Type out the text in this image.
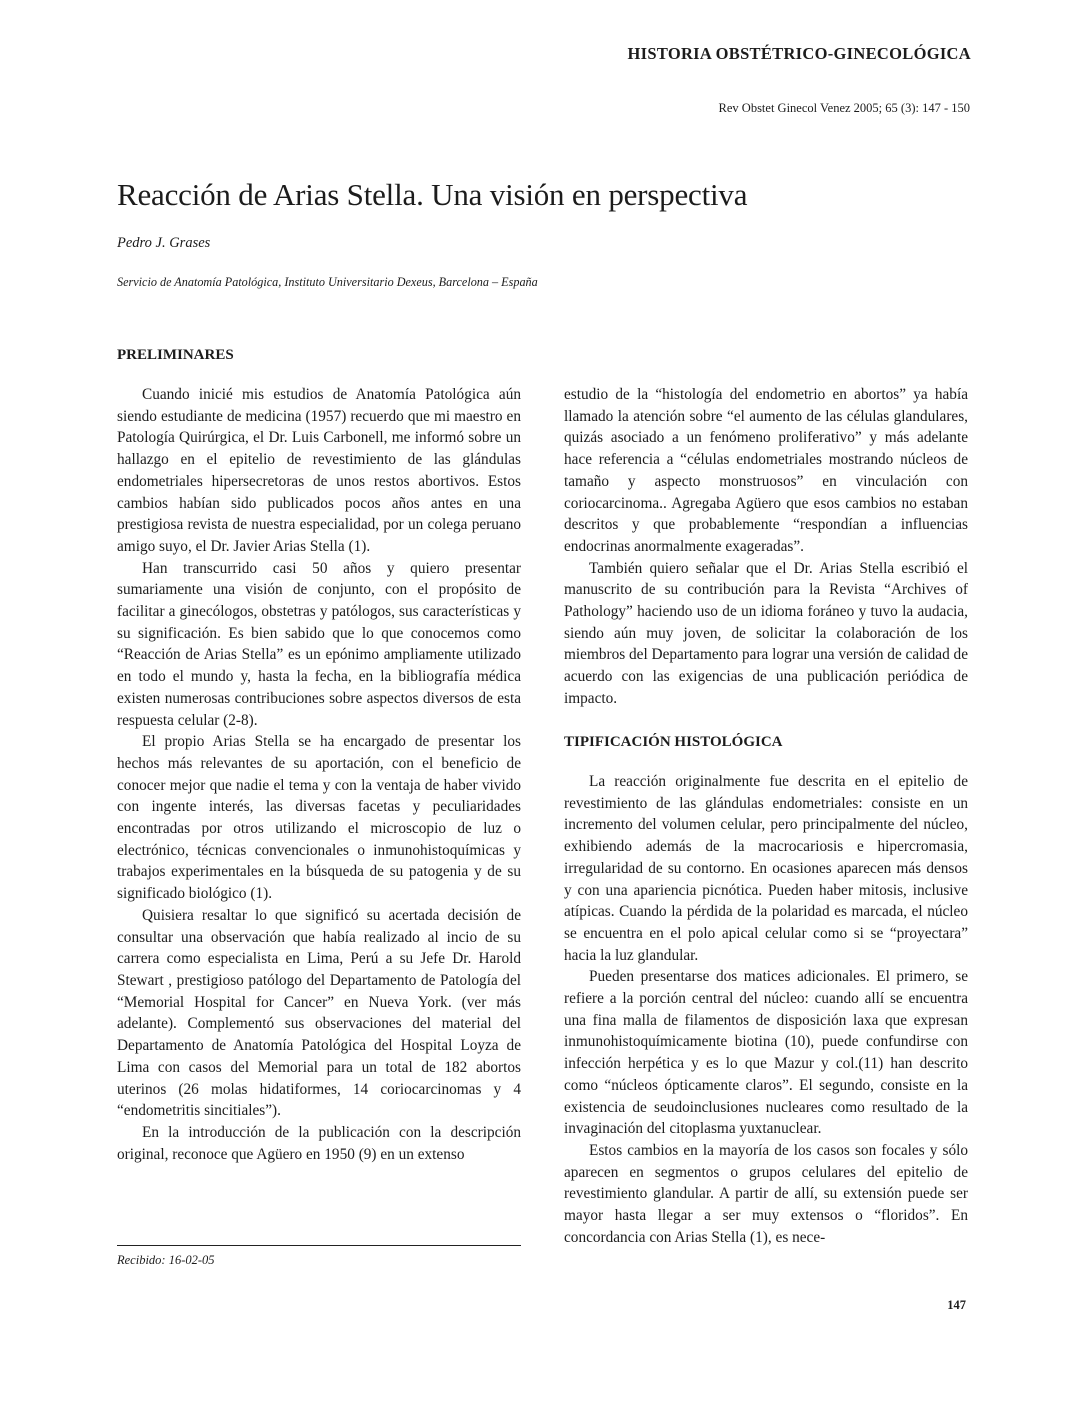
HISTORIA OBSTÉTRICO-GINECOLÓGICA
Rev Obstet Ginecol Venez 2005; 65 (3): 147 - 150
Reacción de Arias Stella. Una visión en perspectiva
Pedro J. Grases
Servicio de Anatomía Patológica, Instituto Universitario Dexeus, Barcelona – España
PRELIMINARES

Cuando inicié mis estudios de Anatomía Patológica aún siendo estudiante de medicina (1957) recuerdo que mi maestro en Patología Quirúrgica, el Dr. Luis Carbonell, me informó sobre un hallazgo en el epitelio de revestimiento de las glándulas endometriales hipersecretoras de unos restos abortivos. Estos cambios habían sido publicados pocos años antes en una prestigiosa revista de nuestra especialidad, por un colega peruano amigo suyo, el Dr. Javier Arias Stella (1).

Han transcurrido casi 50 años y quiero presentar sumariamente una visión de conjunto, con el propósito de facilitar a ginecólogos, obstetras y patólogos, sus características y su significación. Es bien sabido que lo que conocemos como “Reacción de Arias Stella” es un epónimo ampliamente utilizado en todo el mundo y, hasta la fecha, en la bibliografía médica existen numerosas contribuciones sobre aspectos diversos de esta respuesta celular (2-8).

El propio Arias Stella se ha encargado de presentar los hechos más relevantes de su aportación, con el beneficio de conocer mejor que nadie el tema y con la ventaja de haber vivido con ingente interés, las diversas facetas y peculiaridades encontradas por otros utilizando el microscopio de luz o electrónico, técnicas convencionales o inmunohistoquímicas y trabajos experimentales en la búsqueda de su patogenia y de su significado biológico (1).

Quisiera resaltar lo que significó su acertada decisión de consultar una observación que había realizado al incio de su carrera como especialista en Lima, Perú a su Jefe Dr. Harold Stewart , prestigioso patólogo del Departamento de Patología del “Memorial Hospital for Cancer” en Nueva York. (ver más adelante). Complementó sus observaciones del material del Departamento de Anatomía Patológica del Hospital Loyza de Lima con casos del Memorial para un total de 182 abortos uterinos (26 molas hidatiformes, 14 coriocarcinomas y 4 “endometritis sincitiales”).

En la introducción de la publicación con la descripción original, reconoce que Agüero en 1950 (9) en un extenso

estudio de la “histología del endometrio en abortos” ya había llamado la atención sobre “el aumento de las células glandulares, quizás asociado a un fenómeno proliferativo” y más adelante hace referencia a “células endometriales mostrando núcleos de tamaño y aspecto monstruosos” en vinculación con coriocarcinoma.. Agregaba Agüero que esos cambios no estaban descritos y que probablemente “respondían a influencias endocrinas anormalmente exageradas”.

También quiero señalar que el Dr. Arias Stella escribió el manuscrito de su contribución para la Revista “Archives of Pathology” haciendo uso de un idioma foráneo y tuvo la audacia, siendo aún muy joven, de solicitar la colaboración de los miembros del Departamento para lograr una versión de calidad de acuerdo con las exigencias de una publicación periódica de impacto.

TIPIFICACIÓN HISTOLÓGICA

La reacción originalmente fue descrita en el epitelio de revestimiento de las glándulas endometriales: consiste en un incremento del volumen celular, pero principalmente del núcleo, exhibiendo además de la macrocariosis e hipercromasia, irregularidad de su contorno. En ocasiones aparecen más densos y con una apariencia picnótica. Pueden haber mitosis, inclusive atípicas. Cuando la pérdida de la polaridad es marcada, el núcleo se encuentra en el polo apical celular como si se “proyectara” hacia la luz glandular.

Pueden presentarse dos matices adicionales. El primero, se refiere a la porción central del núcleo: cuando allí se encuentra una fina malla de filamentos de disposición laxa que expresan inmunohistoquímicamente biotina (10), puede confundirse con infección herpética y es lo que Mazur y col.(11) han descrito como “núcleos ópticamente claros”. El segundo, consiste en la existencia de seudoinclusiones nucleares como resultado de la invaginación del citoplasma yuxtanuclear.

Estos cambios en la mayoría de los casos son focales y sólo aparecen en segmentos o grupos celulares del epitelio de revestimiento glandular. A partir de allí, su extensión puede ser mayor hasta llegar a ser muy extensos o “floridos”. En concordancia con Arias Stella (1), es nece-

Recibido: 16-02-05
147
